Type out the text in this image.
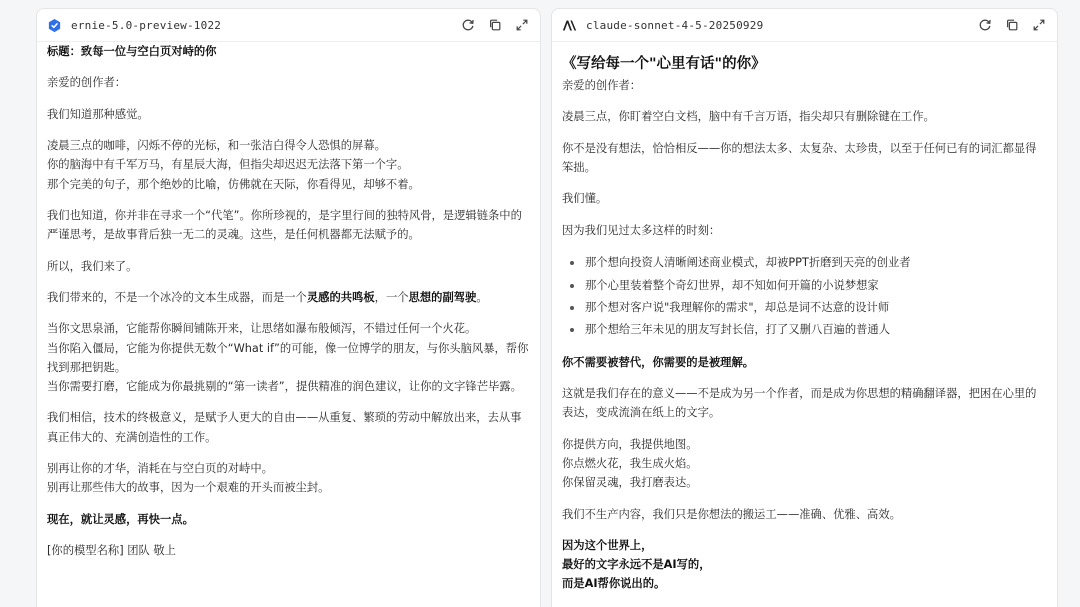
ernie-5.0-preview-1022

标题：致每一位与空白页对峙的你

亲爱的创作者：

我们知道那种感觉。

凌晨三点的咖啡，闪烁不停的光标，和一张洁白得令人恐惧的屏幕。
你的脑海中有千军万马，有星辰大海，但指尖却迟迟无法落下第一个字。
那个完美的句子，那个绝妙的比喻，仿佛就在天际，你看得见，却够不着。

我们也知道，你并非在寻求一个“代笔”。你所珍视的，是字里行间的独特风骨，是逻辑链条中的严谨思考，是故事背后独一无二的灵魂。这些，是任何机器都无法赋予的。

所以，我们来了。

我们带来的，不是一个冰冷的文本生成器，而是一个灵感的共鸣板，一个思想的副驾驶。

当你文思泉涌，它能帮你瞬间铺陈开来，让思绪如瀑布般倾泻，不错过任何一个火花。
当你陷入僵局，它能为你提供无数个“What if”的可能，像一位博学的朋友，与你头脑风暴，帮你找到那把钥匙。
当你需要打磨，它能成为你最挑剔的“第一读者”，提供精准的润色建议，让你的文字锋芒毕露。

我们相信，技术的终极意义，是赋予人更大的自由——从重复、繁琐的劳动中解放出来，去从事真正伟大的、充满创造性的工作。

别再让你的才华，消耗在与空白页的对峙中。
别再让那些伟大的故事，因为一个艰难的开头而被尘封。

现在，就让灵感，再快一点。

[你的模型名称] 团队 敬上

claude-sonnet-4-5-20250929

《写给每一个"心里有话"的你》

亲爱的创作者：

凌晨三点，你盯着空白文档，脑中有千言万语，指尖却只有删除键在工作。

你不是没有想法，恰恰相反——你的想法太多、太复杂、太珍贵，以至于任何已有的词汇都显得笨拙。

我们懂。

因为我们见过太多这样的时刻：

那个想向投资人清晰阐述商业模式，却被PPT折磨到天亮的创业者
那个心里装着整个奇幻世界，却不知如何开篇的小说梦想家
那个想对客户说"我理解你的需求"，却总是词不达意的设计师
那个想给三年未见的朋友写封长信，打了又删八百遍的普通人

你不需要被替代，你需要的是被理解。

这就是我们存在的意义——不是成为另一个作者，而是成为你思想的精确翻译器，把困在心里的表达，变成流淌在纸上的文字。

你提供方向，我提供地图。
你点燃火花，我生成火焰。
你保留灵魂，我打磨表达。

我们不生产内容，我们只是你想法的搬运工——准确、优雅、高效。

因为这个世界上，
最好的文字永远不是AI写的，
而是AI帮你说出的。
